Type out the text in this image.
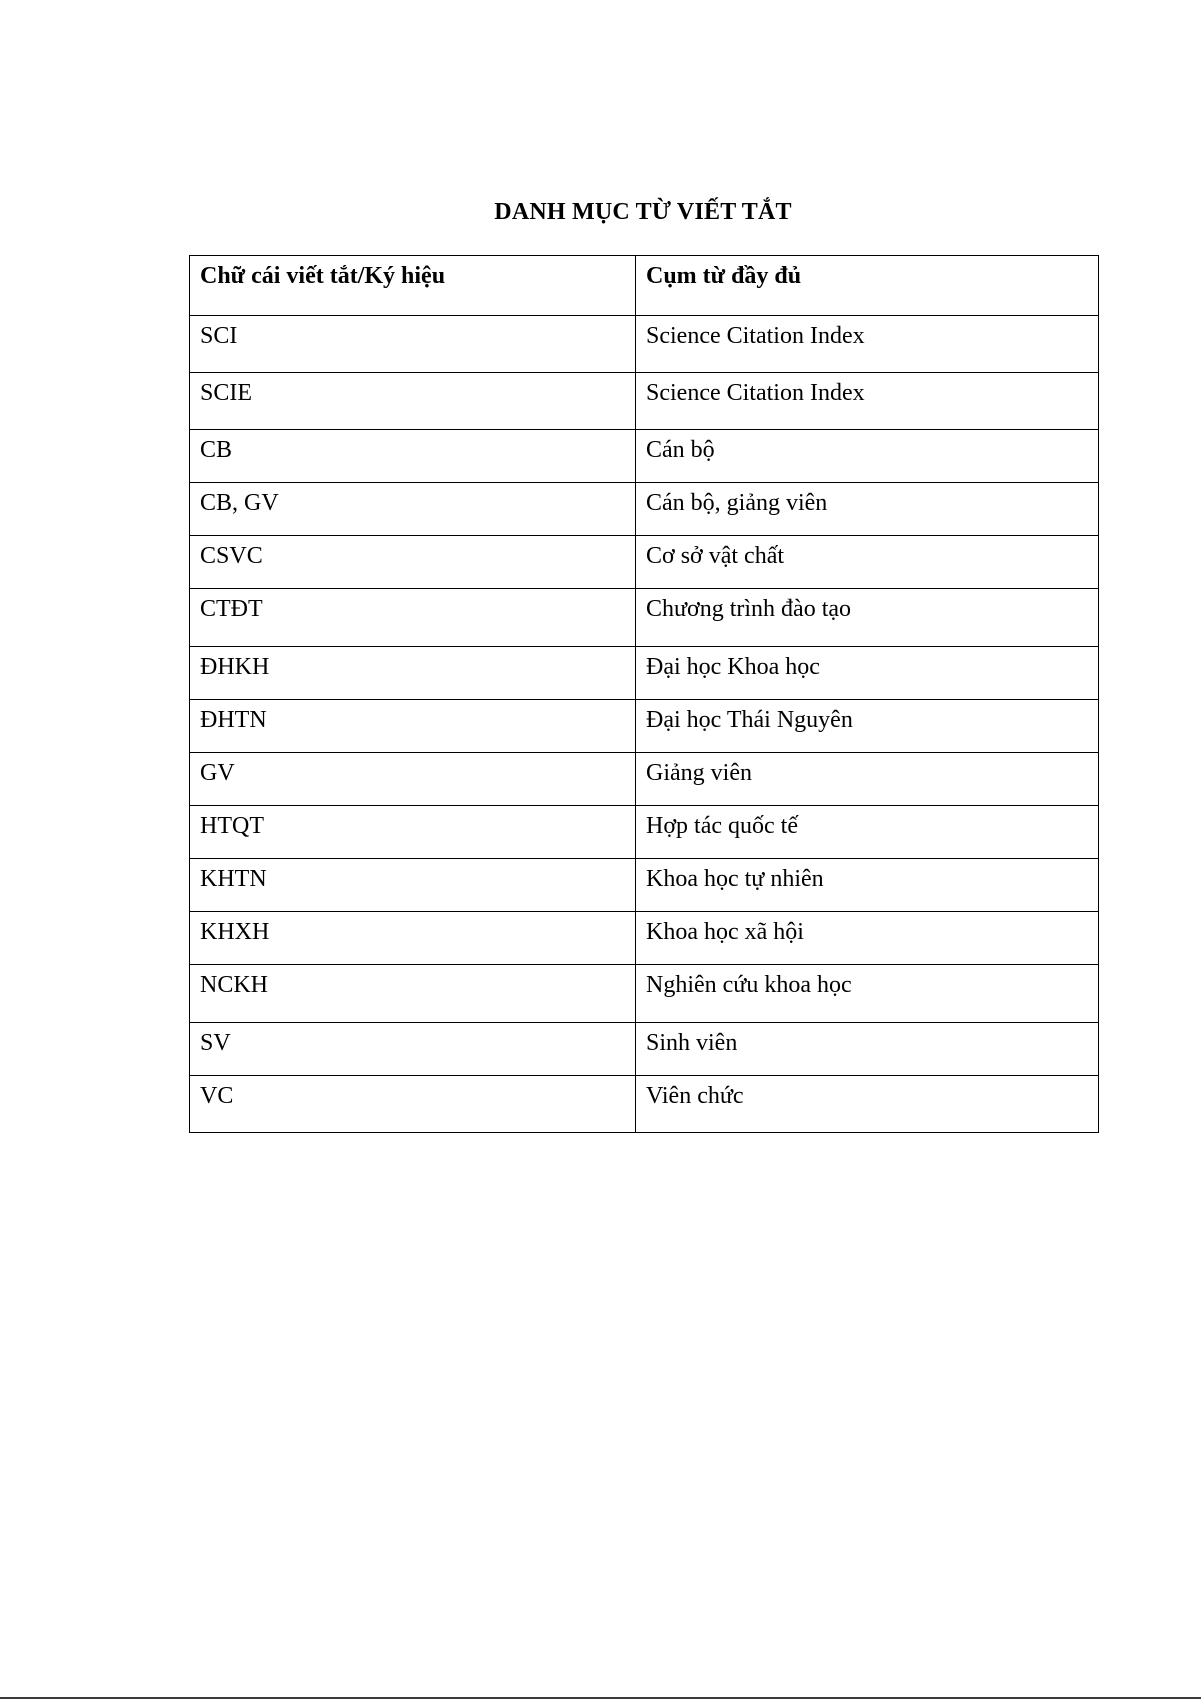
DANH MỤC TỪ VIẾT TẮT
Chữ cái viết tắt/Ký hiệu	Cụm từ đầy đủ
SCI	Science Citation Index
SCIE	Science Citation Index
CB	Cán bộ
CB, GV	Cán bộ, giảng viên
CSVC	Cơ sở vật chất
CTĐT	Chương trình đào tạo
ĐHKH	Đại học Khoa học
ĐHTN	Đại học Thái Nguyên
GV	Giảng viên
HTQT	Hợp tác quốc tế
KHTN	Khoa học tự nhiên
KHXH	Khoa học xã hội
NCKH	Nghiên cứu khoa học
SV	Sinh viên
VC	Viên chức
